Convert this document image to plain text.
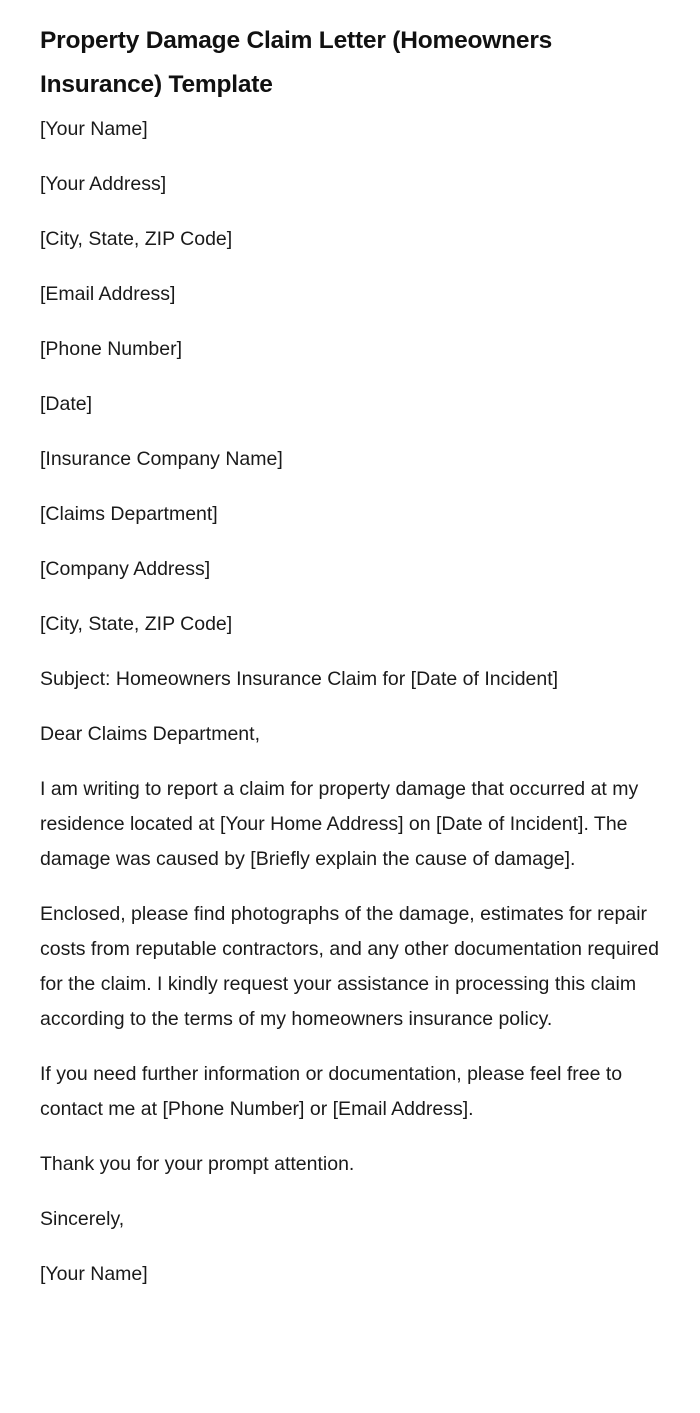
Property Damage Claim Letter (Homeowners Insurance) Template

[Your Name]

[Your Address]

[City, State, ZIP Code]

[Email Address]

[Phone Number]

[Date]

[Insurance Company Name]

[Claims Department]

[Company Address]

[City, State, ZIP Code]

Subject: Homeowners Insurance Claim for [Date of Incident]

Dear Claims Department,

I am writing to report a claim for property damage that occurred at my residence located at [Your Home Address] on [Date of Incident]. The damage was caused by [Briefly explain the cause of damage].

Enclosed, please find photographs of the damage, estimates for repair costs from reputable contractors, and any other documentation required for the claim. I kindly request your assistance in processing this claim according to the terms of my homeowners insurance policy.

If you need further information or documentation, please feel free to contact me at [Phone Number] or [Email Address].

Thank you for your prompt attention.

Sincerely,

[Your Name]
